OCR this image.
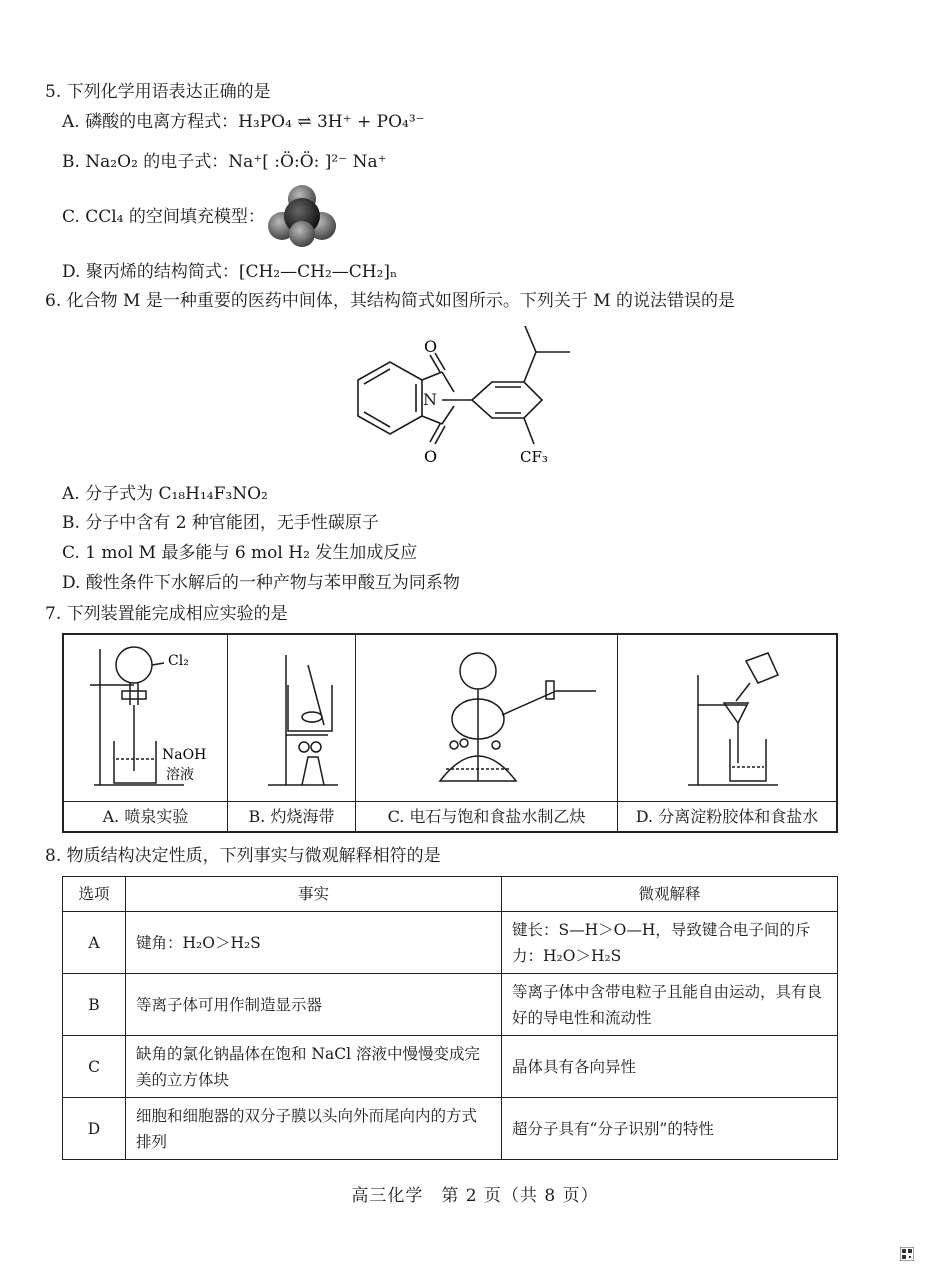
5. 下列化学用语表达正确的是
A. 磷酸的电离方程式：H₃PO₄ ⇌ 3H⁺ + PO₄³⁻
B. Na₂O₂ 的电子式：Na⁺[ :Ö:Ö: ]²⁻ Na⁺
C. CCl₄ 的空间填充模型：
D. 聚丙烯的结构简式：[CH₂—CH₂—CH₂]ₙ
6. 化合物 M 是一种重要的医药中间体，其结构简式如图所示。下列关于 M 的说法错误的是
O
O
N
CF₃
A. 分子式为 C₁₈H₁₄F₃NO₂
B. 分子中含有 2 种官能团，无手性碳原子
C. 1 mol M 最多能与 6 mol H₂ 发生加成反应
D. 酸性条件下水解后的一种产物与苯甲酸互为同系物
7. 下列装置能完成相应实验的是
Cl₂
NaOH
溶液
A. 喷泉实验	B. 灼烧海带	C. 电石与饱和食盐水制乙炔	D. 分离淀粉胶体和食盐水
8. 物质结构决定性质，下列事实与微观解释相符的是
选项	事实	微观解释
A	键角：H₂O＞H₂S	键长：S—H＞O—H，导致键合电子间的斥力：H₂O＞H₂S
B	等离子体可用作制造显示器	等离子体中含带电粒子且能自由运动，具有良好的导电性和流动性
C	缺角的氯化钠晶体在饱和 NaCl 溶液中慢慢变成完美的立方体块	晶体具有各向异性
D	细胞和细胞器的双分子膜以头向外而尾向内的方式排列	超分子具有“分子识别”的特性
高三化学　第 2 页（共 8 页）
